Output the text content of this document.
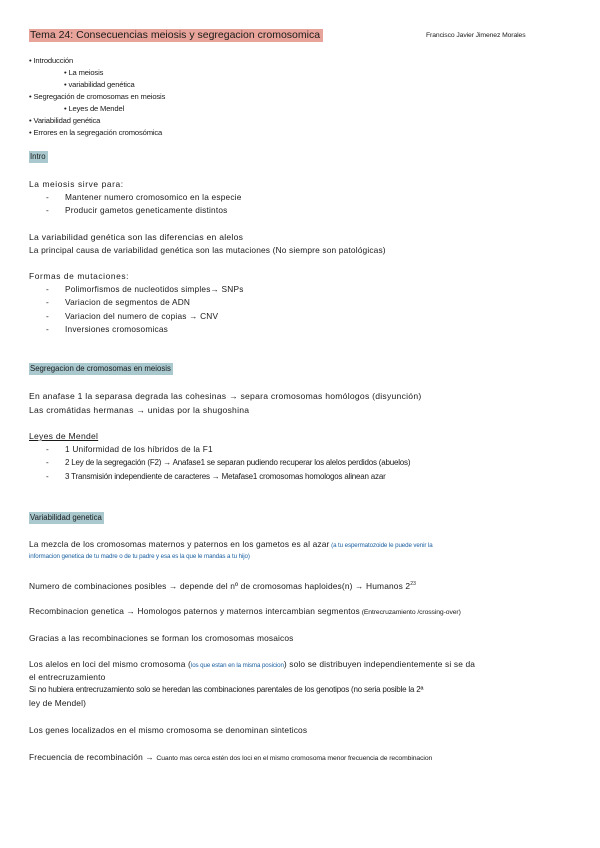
Tema 24: Consecuencias meiosis y segregacion cromosomica	Francisco Javier Jimenez Morales
• Introducción
• La meiosis
• variabilidad genética
• Segregación de cromosomas en meiosis
• Leyes de Mendel
• Variabilidad genética
• Errores en la segregación cromosómica
Intro
La meiosis sirve para:
- Mantener numero cromosomico en la especie
- Producir gametos geneticamente distintos
La variabilidad genética son las diferencias en alelos
La principal causa de variabilidad genética son las mutaciones (No siempre son patológicas)
Formas de mutaciones:
- Polimorfismos de nucleotidos simples→ SNPs
- Variacion de segmentos de ADN
- Variacion del numero de copias → CNV
- Inversiones cromosomicas
Segregacion de cromosomas en meiosis
En anafase 1 la separasa degrada las cohesinas → separa cromosomas homólogos (disyunción)
Las cromátidas hermanas → unidas por la shugoshina
Leyes de Mendel
- 1 Uniformidad de los híbridos de la F1
- 2 Ley de la segregación (F2) → Anafase1 se separan pudiendo recuperar los alelos perdidos (abuelos)
- 3 Transmisión independiente de caracteres → Metafase1 cromosomas homologos alinean azar
Variabilidad genetica
La mezcla de los cromosomas maternos y paternos en los gametos es al azar (a tu espermatozoide le puede venir la
informacion genetica de tu madre o de tu padre y esa es la que le mandas a tu hijo)
Numero de combinaciones posibles → depende del nº de cromosomas haploides(n) → Humanos $2^{23}$
Recombinacion genetica → Homologos paternos y maternos intercambian segmentos (Entrecruzamiento /crossing-over)
Gracias a las recombinaciones se forman los cromosomas mosaicos
Los alelos en loci del mismo cromosoma (los que estan en la misma posicion) solo se distribuyen independientemente si se da
el entrecruzamiento
Si no hubiera entrecruzamiento solo se heredan las combinaciones parentales de los genotipos (no seria posible la 2ª
ley de Mendel)
Los genes localizados en el mismo cromosoma se denominan sinteticos
Frecuencia de recombinación → Cuanto mas cerca estén dos loci en el mismo cromosoma menor frecuencia de recombinacion
